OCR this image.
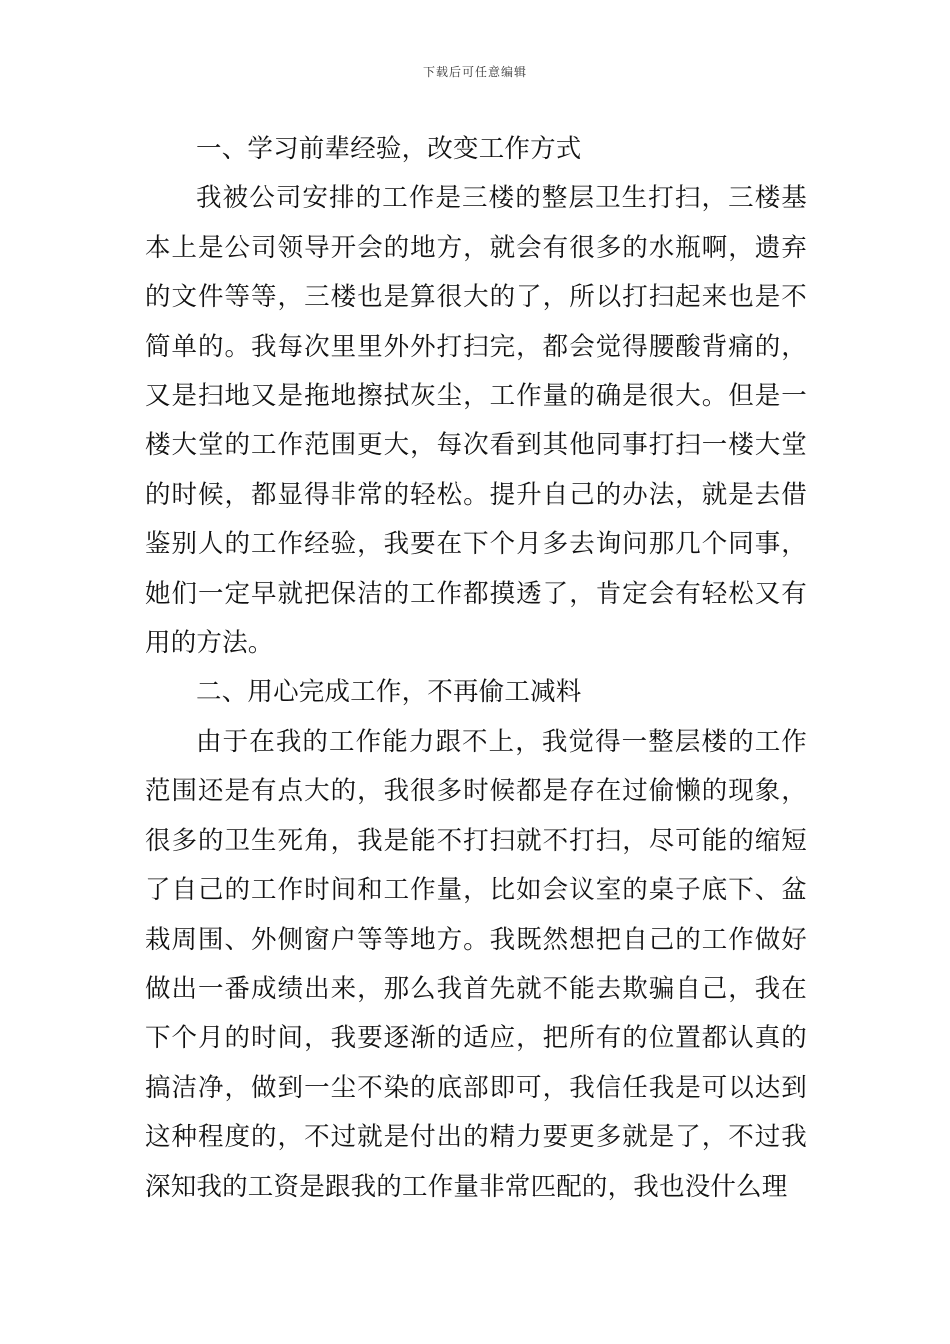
下载后可任意编辑

一、学习前辈经验，改变工作方式

我被公司安排的工作是三楼的整层卫生打扫，三楼基本上是公司领导开会的地方，就会有很多的水瓶啊，遗弃的文件等等，三楼也是算很大的了，所以打扫起来也是不简单的。我每次里里外外打扫完，都会觉得腰酸背痛的，又是扫地又是拖地擦拭灰尘，工作量的确是很大。但是一楼大堂的工作范围更大，每次看到其他同事打扫一楼大堂的时候，都显得非常的轻松。提升自己的办法，就是去借鉴别人的工作经验，我要在下个月多去询问那几个同事，她们一定早就把保洁的工作都摸透了，肯定会有轻松又有用的方法。

二、用心完成工作，不再偷工减料

由于在我的工作能力跟不上，我觉得一整层楼的工作范围还是有点大的，我很多时候都是存在过偷懒的现象，很多的卫生死角，我是能不打扫就不打扫，尽可能的缩短了自己的工作时间和工作量，比如会议室的桌子底下、盆栽周围、外侧窗户等等地方。我既然想把自己的工作做好做出一番成绩出来，那么我首先就不能去欺骗自己，我在下个月的时间，我要逐渐的适应，把所有的位置都认真的搞洁净，做到一尘不染的底部即可，我信任我是可以达到这种程度的，不过就是付出的精力要更多就是了，不过我深知我的工资是跟我的工作量非常匹配的，我也没什么理
